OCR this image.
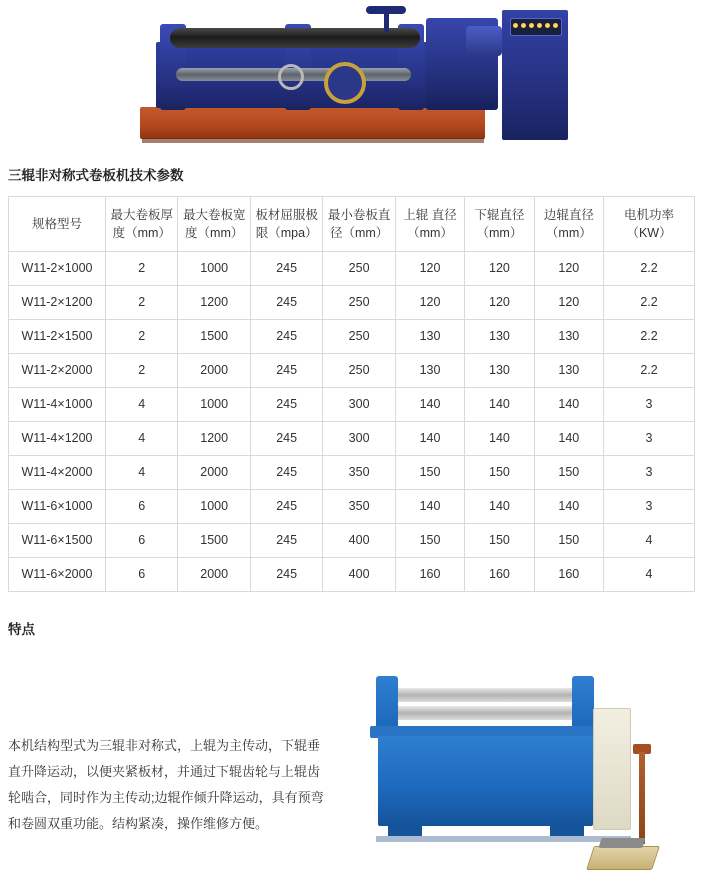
三辊非对称式卷板机技术参数
规格型号	最大卷板厚度（mm）	最大卷板宽度（mm）	板材屈服极限（mpa）	最小卷板直径（mm）	上辊 直径（mm）	下辊直径（mm）	边辊直径（mm）	电机功率（KW）
W11-2×1000	2	1000	245	250	120	120	120	2.2
W11-2×1200	2	1200	245	250	120	120	120	2.2
W11-2×1500	2	1500	245	250	130	130	130	2.2
W11-2×2000	2	2000	245	250	130	130	130	2.2
W11-4×1000	4	1000	245	300	140	140	140	3
W11-4×1200	4	1200	245	300	140	140	140	3
W11-4×2000	4	2000	245	350	150	150	150	3
W11-6×1000	6	1000	245	350	140	140	140	3
W11-6×1500	6	1500	245	400	150	150	150	4
W11-6×2000	6	2000	245	400	160	160	160	4
特点

本机结构型式为三辊非对称式，上辊为主传动，下辊垂直升降运动，以便夹紧板材，并通过下辊齿轮与上辊齿轮啮合，同时作为主传动;边辊作倾升降运动，具有预弯和卷圆双重功能。结构紧凑，操作维修方便。
